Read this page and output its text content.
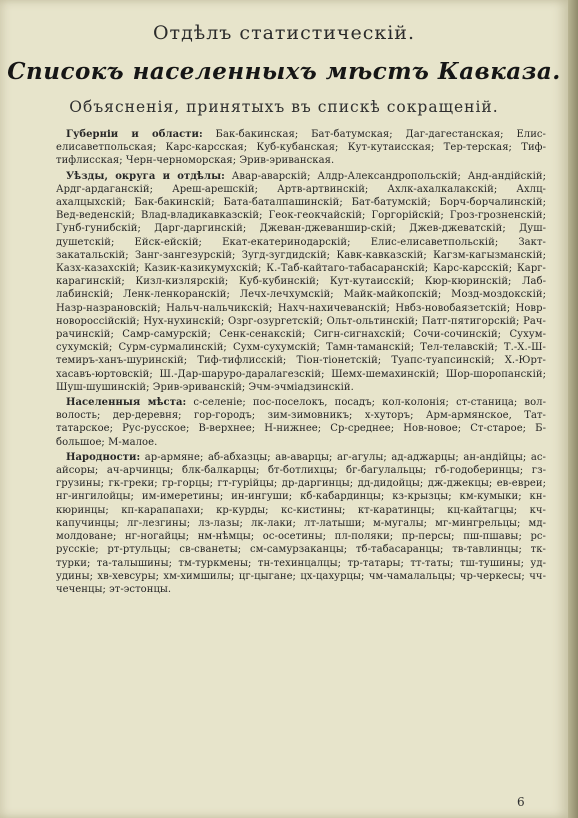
Отдѣлъ статистическій.
Списокъ населенныхъ мѣстъ Кавказа.
Объясненія, принятыхъ въ спискѣ сокращеній.

Губерніи и области: Бак-бакинская; Бат-батумская; Даг-дагестанская; Елис-елисаветпольская; Карс-карсская; Куб-кубанская; Кут-кутаисская; Тер-терская; Тиф-тифлисская; Черн-черноморская; Эрив-эриванская.

Уѣзды, округа и отдѣлы: Авар-аварскій; Алдр-Александропольскій; Анд-андійскій; Ардг-ардаганскій; Ареш-арешскій; Артв-артвинскій; Ахлк-ахалкалакскій; Ахлц-ахалцыхскій; Бак-бакинскій; Бата-баталпашинскій; Бат-батумскій; Борч-борчалинскій; Вед-веденскій; Влад-владикавказскій; Геок-геокчайскій; Горгорійскій; Гроз-грозненскій; Гунб-гунибскій; Дарг-даргинскій; Джеван-джеваншир-скій; Джев-джеватскій; Душ-душетскій; Ейск-ейскій; Екат-екатеринодарскій; Елис-елисаветпольскій; Закт-закатальскій; Занг-зангезурскій; Зугд-зугдидскій; Кавк-кавказскій; Кагзм-кагызманскій; Казх-казахскій; Казик-казикумухскій; К.-Таб-кайтаго-табасаранскій; Карс-карсскій; Карг-карагинскій; Кизл-кизлярскій; Куб-кубинскій; Кут-кутаисскій; Кюр-кюринскій; Лаб-лабинскій; Ленк-ленкоранскій; Лечх-лечхумскій; Майк-майкопскій; Мозд-моздокскій; Назр-назрановскій; Нальч-нальчикскій; Нахч-нахичеванскій; Нвбз-новобаязетскій; Новр-новороссійскій; Нух-нухинскій; Озрг-озургетскій; Ольт-ольтинскій; Патг-пятигорскій; Рач-рачинскій; Самр-самурскій; Сенк-сенакскій; Сигн-сигнахскій; Сочи-сочинскій; Сухум-сухумскій; Сурм-сурмалинскій; Сухм-сухумскій; Тамн-таманскій; Тел-телавскій; Т.-Х.-Ш-темиръ-ханъ-шуринскій; Тиф-тифлисскій; Тіон-тіонетскій; Туапс-туапсинскій; Х.-Юрт-хасавъ-юртовскій; Ш.-Дар-шарурo-даралагезскій; Шемх-шемахинскій; Шор-шоропанскій; Шуш-шушинскій; Эрив-эриванскій; Эчм-эчміадзинскій.

Населенныя мѣста: с-селеніе; пос-поселокъ, посадъ; кол-колонія; ст-станица; вол-волость; дер-деревня; гор-городъ; зим-зимовникъ; х-хуторъ; Арм-армянское, Тат-татарское; Рус-русское; В-верхнее; Н-нижнее; Ср-среднее; Нов-новое; Ст-старое; Б-большое; М-малое.

Народности: ар-армяне; аб-абхазцы; ав-аварцы; аг-агулы; ад-аджарцы; ан-андійцы; ас-айсоры; ач-арчинцы; блк-балкарцы; бт-ботлихцы; бг-багулальцы; гб-годоберинцы; гз-грузины; гк-греки; гр-горцы; гт-гурійцы; др-даргинцы; дд-дидойцы; дж-джекцы; ев-евреи; нг-ингилойцы; им-имеретины; ин-ингуши; кб-кабардинцы; кз-крызцы; км-кумыки; кн-кюринцы; кп-карапапахи; кр-курды; кс-кистины; кт-каратинцы; кц-кайтагцы; кч-капучинцы; лг-лезгины; лз-лазы; лк-лаки; лт-латыши; м-мугалы; мг-мингрельцы; мд-молдоване; нг-ногайцы; нм-нѣмцы; ос-осетины; пл-поляки; пр-персы; пш-пшавы; рс-русскіе; рт-ртульцы; св-сванеты; см-самурзаканцы; тб-табасаранцы; тв-тавлинцы; тк-турки; та-талышины; тм-туркмены; тн-техинцалцы; тр-татары; тт-таты; тш-тушины; уд-удины; хв-хевсуры; хм-химшилы; цг-цыгане; цх-цахурцы; чм-чамалальцы; чр-черкесы; чч-чеченцы; эт-эстонцы.

6
